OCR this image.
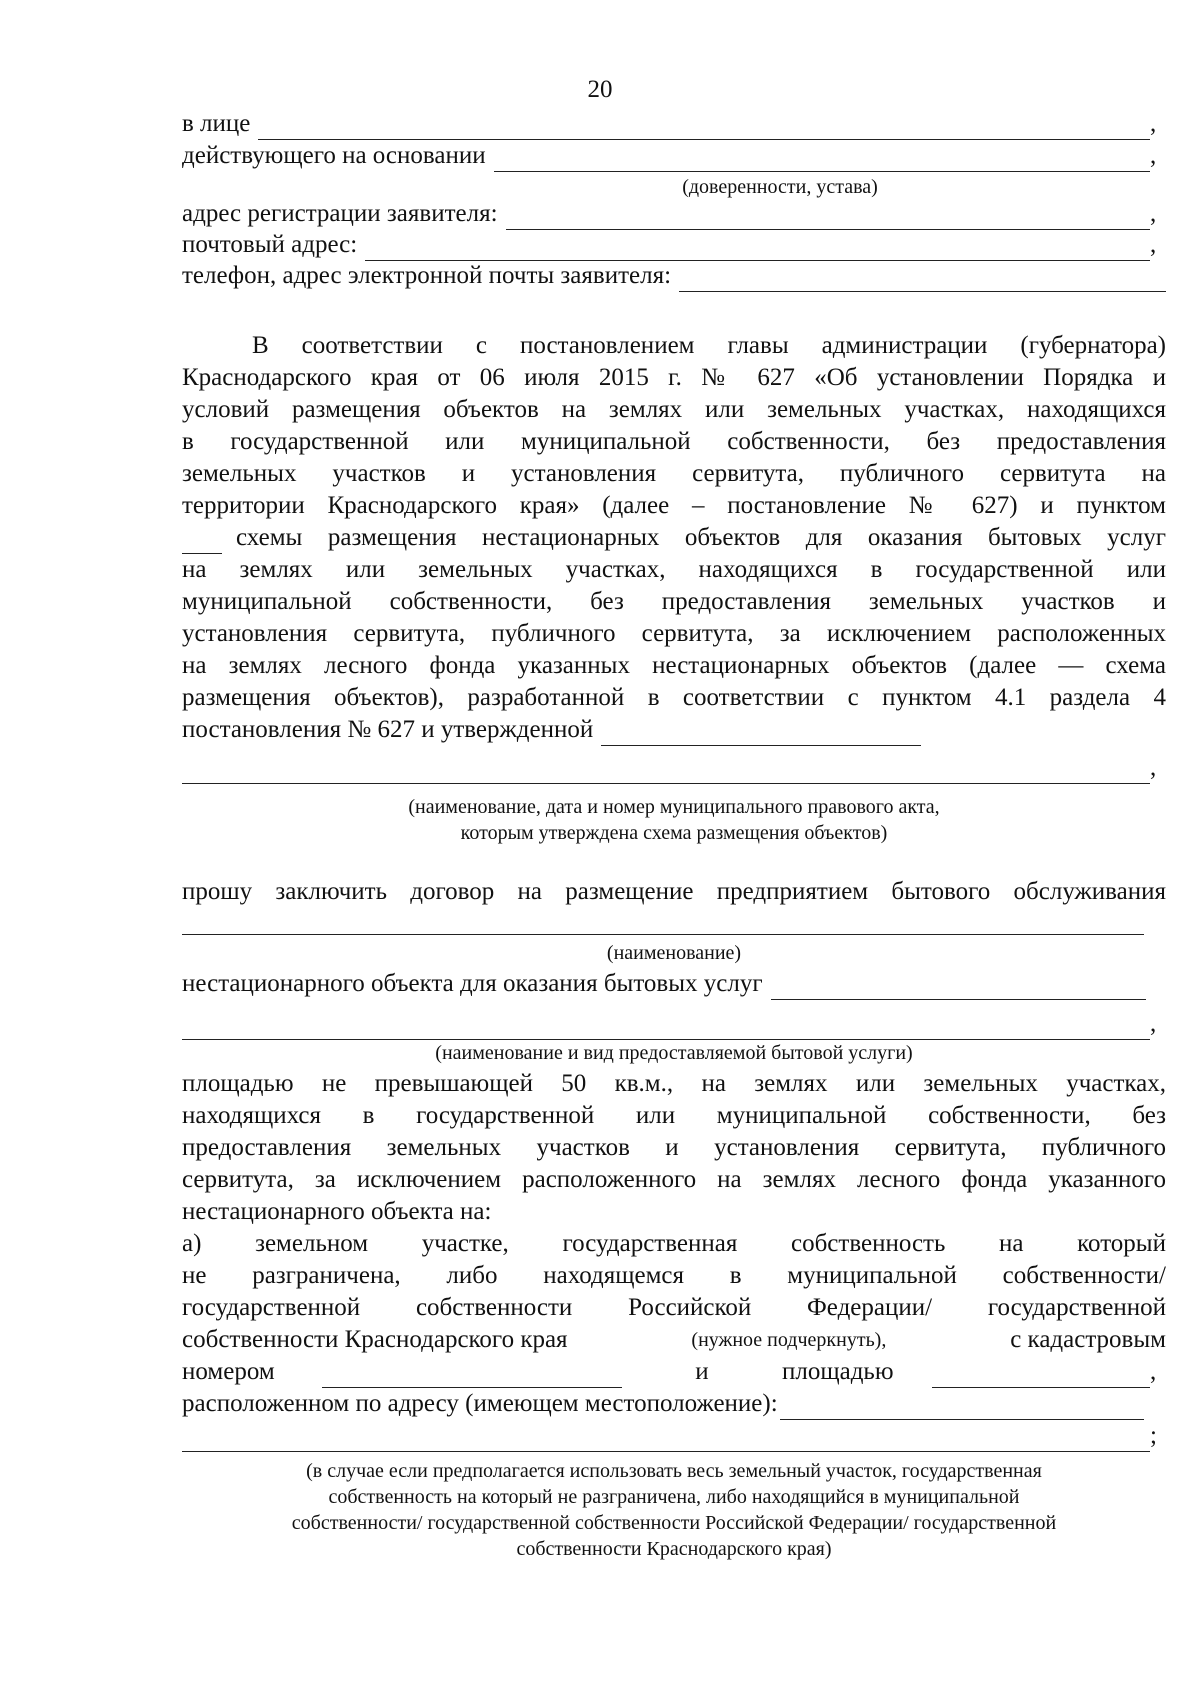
20
в лице	,
действующего на основании	,
(доверенности, устава)
адрес регистрации заявителя:	,
почтовый адрес:	,
телефон, адрес электронной почты заявителя:
В соответствии с постановлением главы администрации (губернатора)
Краснодарского края от 06 июля 2015 г. № 627 «Об установлении Порядка и
условий размещения объектов на землях или земельных участках, находящихся
в государственной или муниципальной собственности, без предоставления
земельных участков и установления сервитута, публичного сервитута на
территории Краснодарского края» (далее – постановление № 627) и пунктом
схемы размещения нестационарных объектов для оказания бытовых услуг
на землях или земельных участках, находящихся в государственной или
муниципальной собственности, без предоставления земельных участков и
установления сервитута, публичного сервитута, за исключением расположенных
на землях лесного фонда указанных нестационарных объектов (далее — схема
размещения объектов), разработанной в соответствии с пунктом 4.1 раздела 4
постановления № 627 и утвержденной
,
(наименование, дата и номер муниципального правового акта,
которым утверждена схема размещения объектов)
прошу заключить договор на размещение предприятием бытового обслуживания
(наименование)
нестационарного объекта для оказания бытовых услуг
,
(наименование и вид предоставляемой бытовой услуги)
площадью не превышающей 50 кв.м., на землях или земельных участках,
находящихся в государственной или муниципальной собственности, без
предоставления земельных участков и установления сервитута, публичного
сервитута, за исключением расположенного на землях лесного фонда указанного
нестационарного объекта на:
а) земельном участке, государственная собственность на который
не разграничена, либо находящемся в муниципальной собственности/
государственной собственности Российской Федерации/ государственной
собственности Краснодарского края	(нужное подчеркнуть),	с кадастровым
номером	и	площадью	,
расположенном по адресу (имеющем местоположение):
;
(в случае если предполагается использовать весь земельный участок, государственная
собственность на который не разграничена, либо находящийся в муниципальной
собственности/ государственной собственности Российской Федерации/ государственной
собственности Краснодарского края)
